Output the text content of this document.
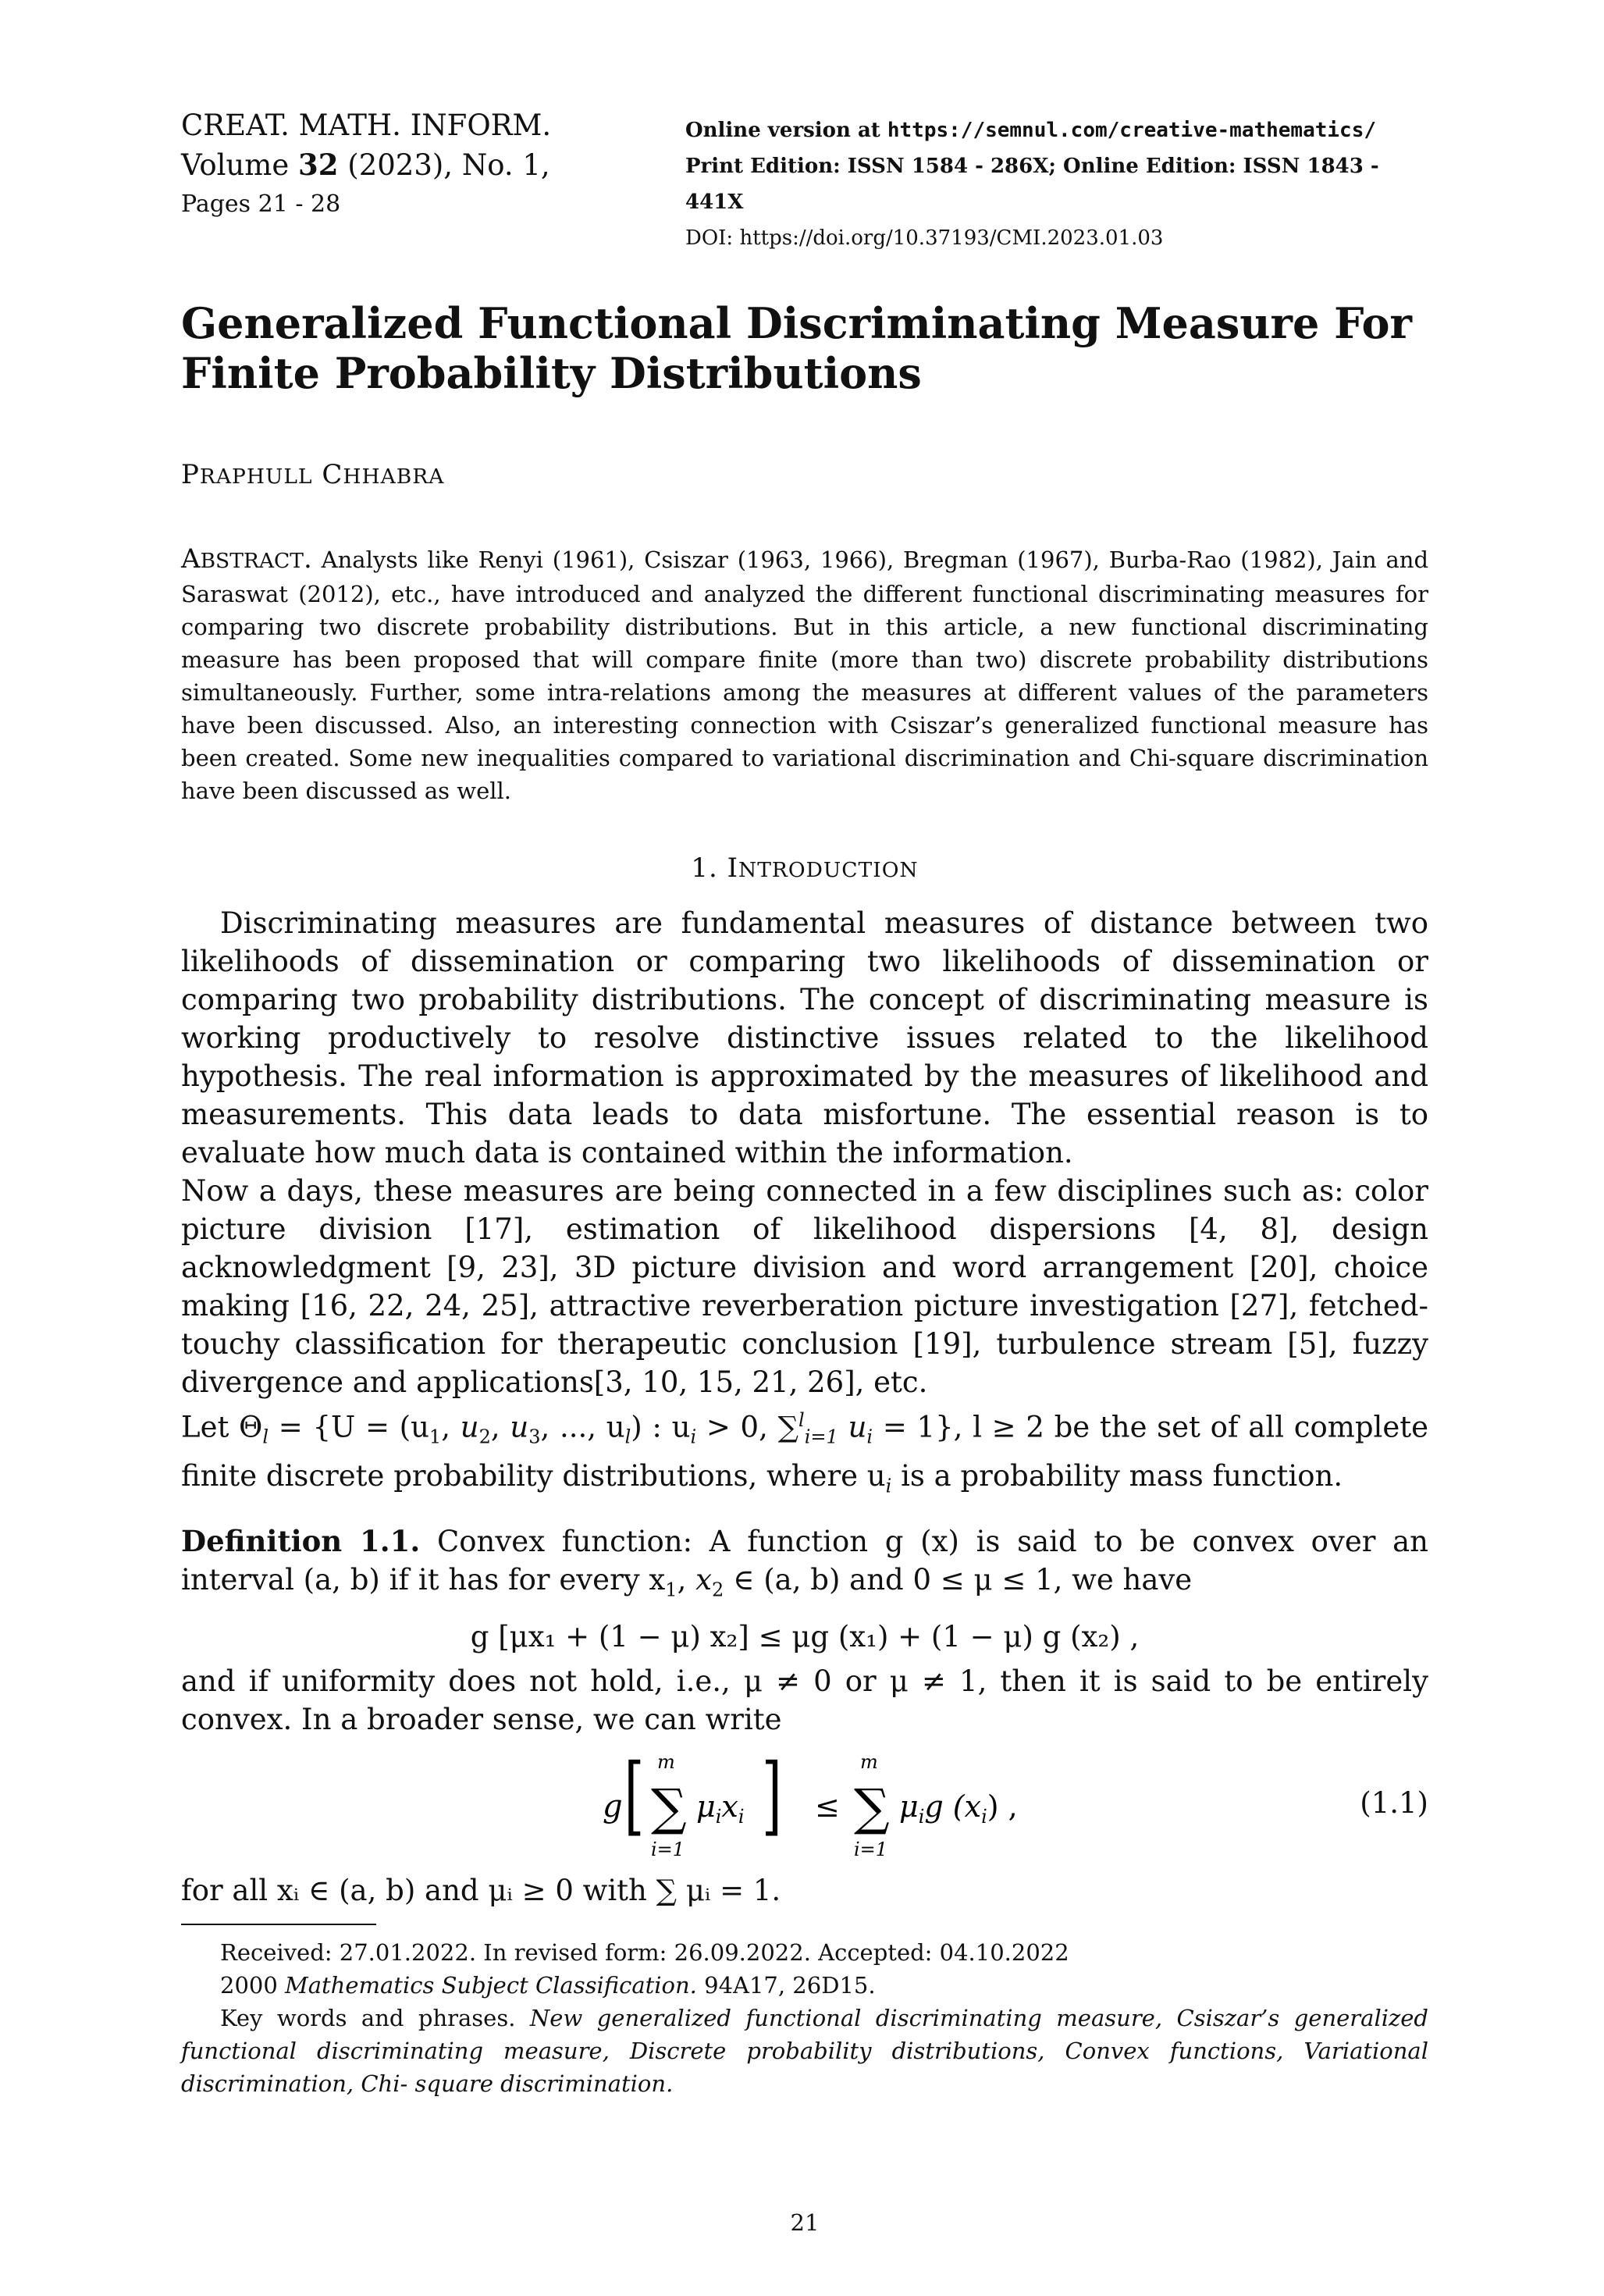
CREAT. MATH. INFORM.
Volume 32 (2023), No. 1,
Pages 21 - 28
Online version at https://semnul.com/creative-mathematics/
Print Edition: ISSN 1584 - 286X; Online Edition: ISSN 1843 - 441X
DOI: https://doi.org/10.37193/CMI.2023.01.03
Generalized Functional Discriminating Measure For Finite Probability Distributions
PRAPHULL CHHABRA
ABSTRACT. Analysts like Renyi (1961), Csiszar (1963, 1966), Bregman (1967), Burba-Rao (1982), Jain and Saraswat (2012), etc., have introduced and analyzed the different functional discriminating measures for comparing two discrete probability distributions. But in this article, a new functional discriminating measure has been proposed that will compare finite (more than two) discrete probability distributions simultaneously. Further, some intra-relations among the measures at different values of the parameters have been discussed. Also, an interesting connection with Csiszar’s generalized functional measure has been created. Some new inequalities compared to variational discrimination and Chi-square discrimination have been discussed as well.
1. INTRODUCTION

Discriminating measures are fundamental measures of distance between two likelihoods of dissemination or comparing two likelihoods of dissemination or comparing two probability distributions. The concept of discriminating measure is working productively to resolve distinctive issues related to the likelihood hypothesis. The real information is approximated by the measures of likelihood and measurements. This data leads to data misfortune. The essential reason is to evaluate how much data is contained within the information.

Now a days, these measures are being connected in a few disciplines such as: color picture division [17], estimation of likelihood dispersions [4, 8], design acknowledgment [9, 23], 3D picture division and word arrangement [20], choice making [16, 22, 24, 25], attractive reverberation picture investigation [27], fetched- touchy classification for therapeutic conclusion [19], turbulence stream [5], fuzzy divergence and applications[3, 10, 15, 21, 26], etc.

Let $\Theta_l = \{U = (u_1$, $u_2$, $u_3$, ..., $u_l$) : $u_i > 0$, ∑$^l_{i=1}$ $u_i = 1$}, l ≥ 2 be the set of all complete finite discrete probability distributions, where $u_i$ is a probability mass function.

Definition 1.1. Convex function: A function g (x) is said to be convex over an interval (a, b) if it has for every $x_1$, $x_2$ ∈ (a, b) and 0 ≤ μ ≤ 1, we have

g [μx₁ + (1 − μ) x₂] ≤ μg (x₁) + (1 − μ) g (x₂) ,

and if uniformity does not hold, i.e., μ ≠ 0 or μ ≠ 1, then it is said to be entirely convex. In a broader sense, we can write

g [ m
∑
i=1
$\mu_ix_i$ ] ≤
m
∑
i=1
$\mu_ig$ $(x_i)$ ,	(1.1)

for all xᵢ ∈ (a, b) and μᵢ ≥ 0 with ∑ μᵢ = 1.

Received: 27.01.2022. In revised form: 26.09.2022. Accepted: 04.10.2022

2000 Mathematics Subject Classification. 94A17, 26D15.

Key words and phrases. New generalized functional discriminating measure, Csiszar’s generalized functional discriminating measure, Discrete probability distributions, Convex functions, Variational discrimination, Chi- square discrimination.

21
